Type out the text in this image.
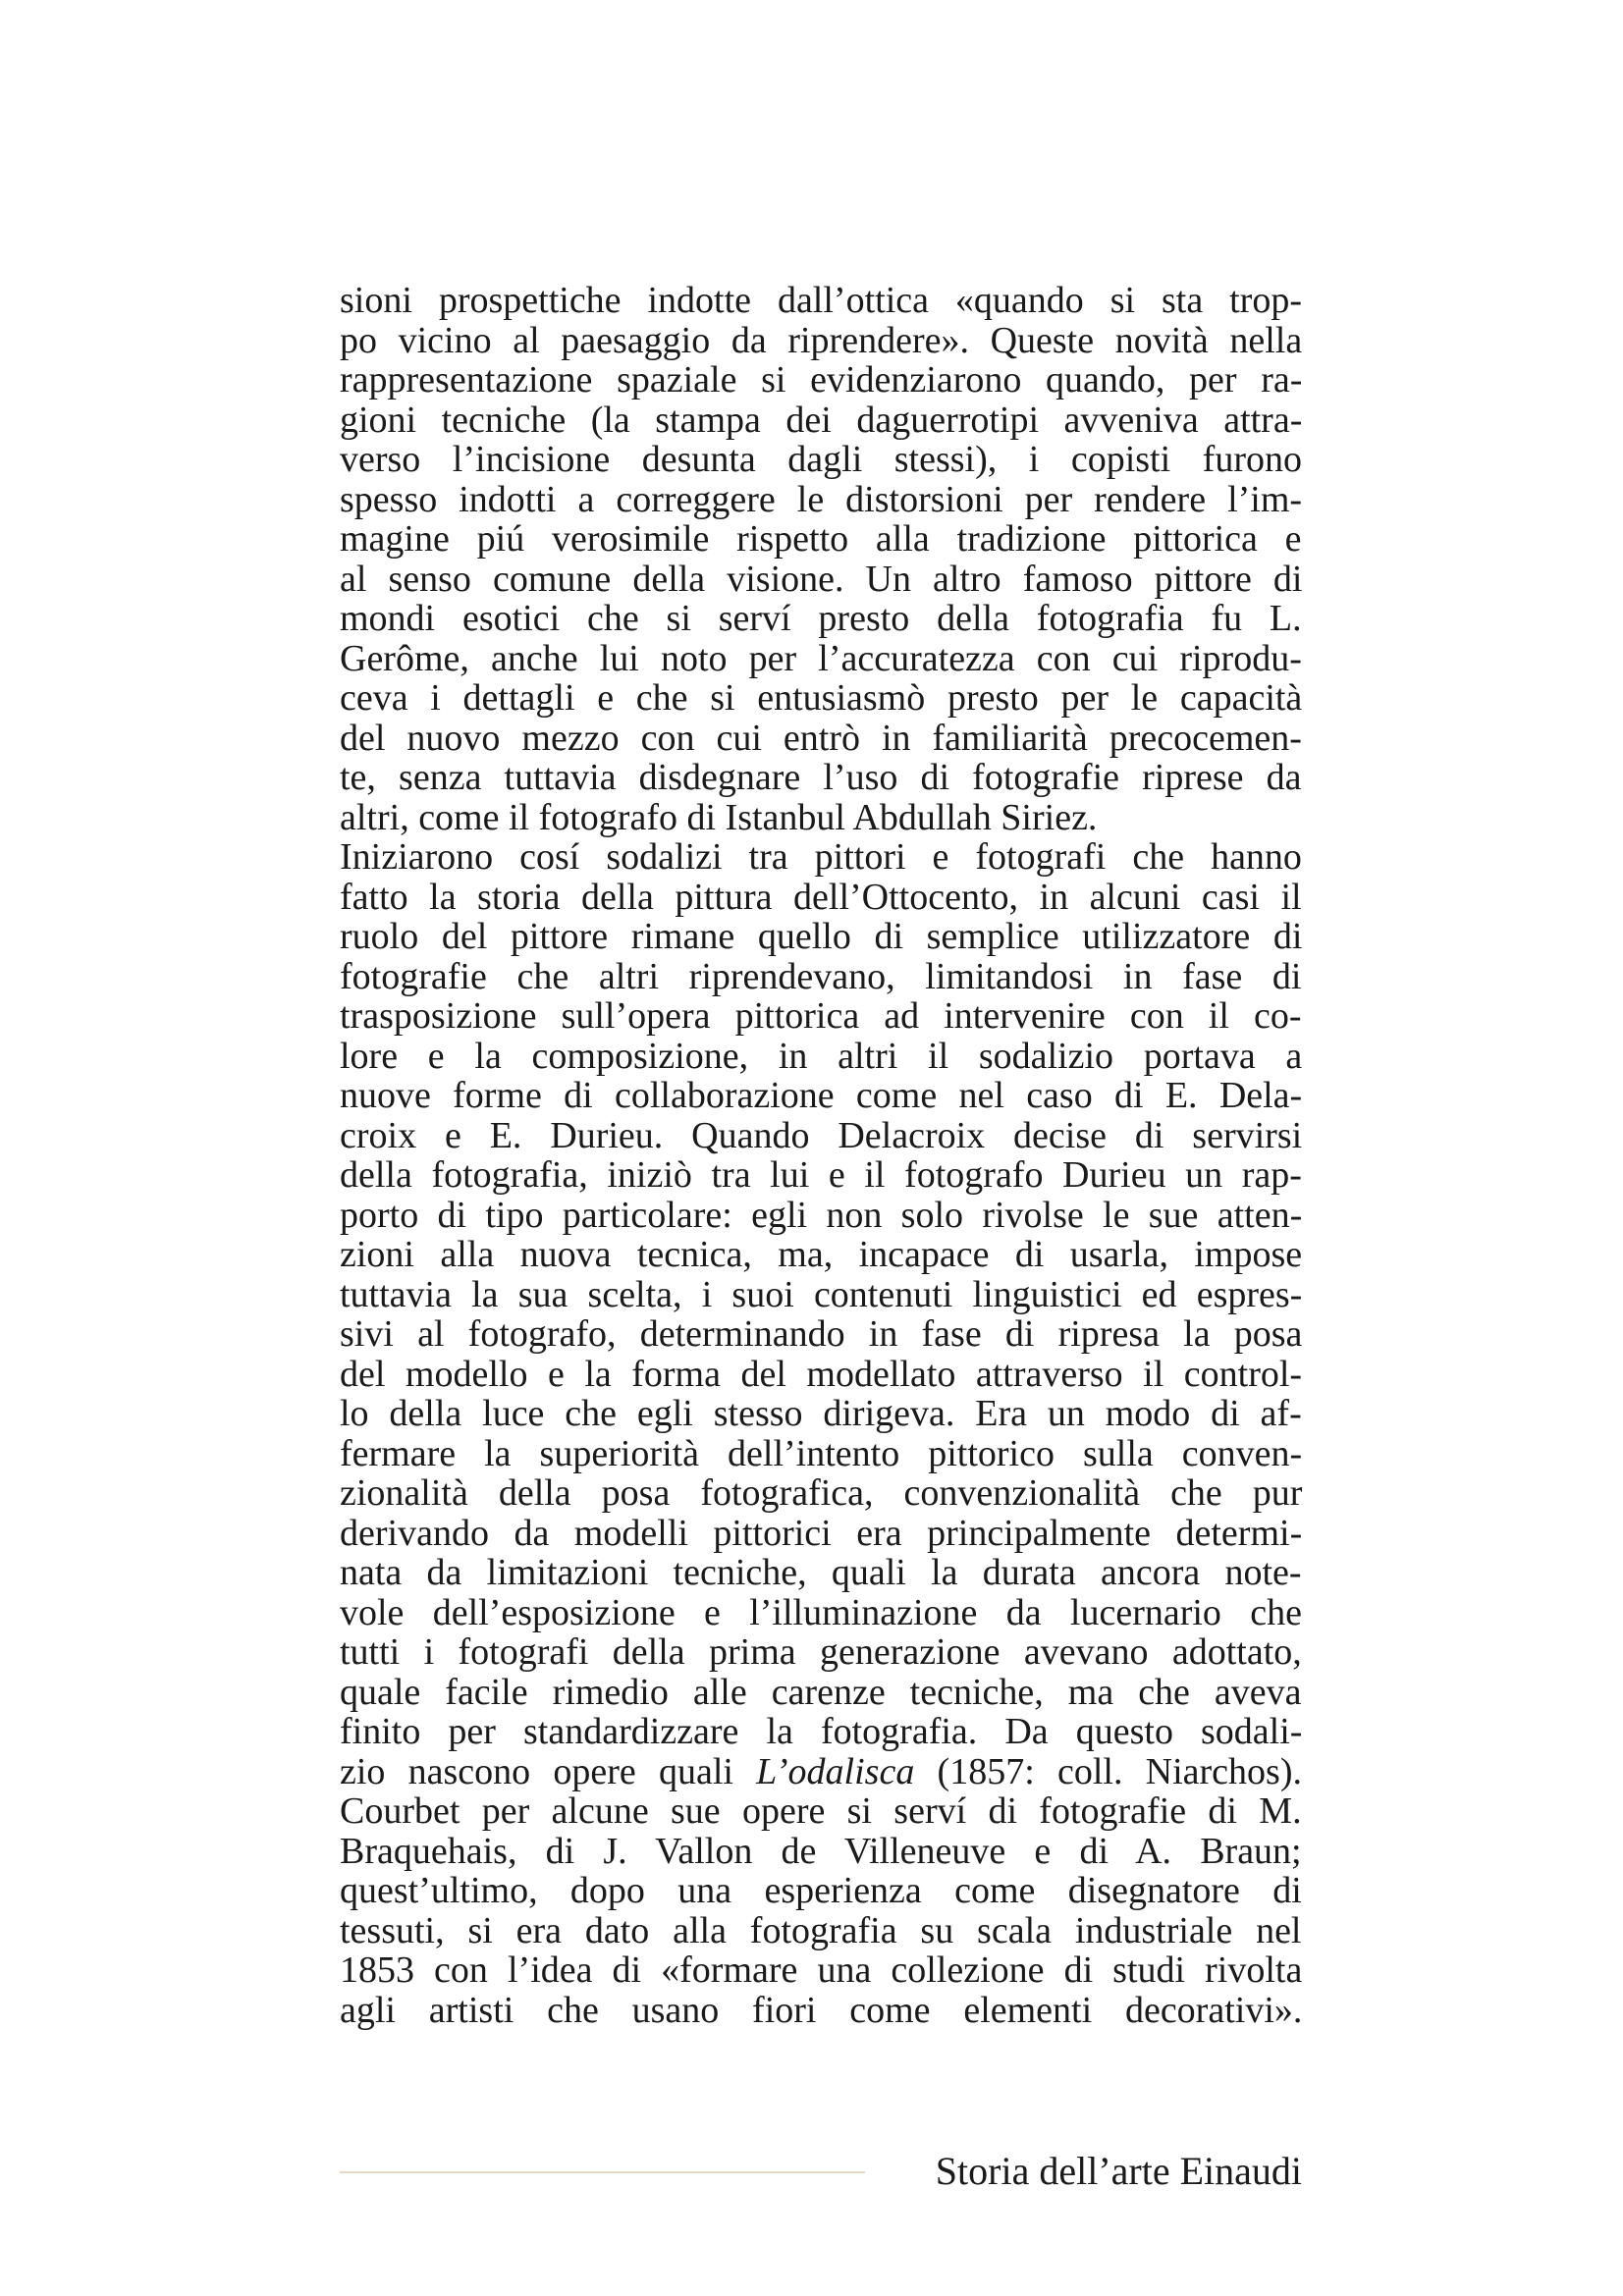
sioni prospettiche indotte dall’ottica «quando si sta trop-
po vicino al paesaggio da riprendere». Queste novità nella
rappresentazione spaziale si evidenziarono quando, per ra-
gioni tecniche (la stampa dei daguerrotipi avveniva attra-
verso l’incisione desunta dagli stessi), i copisti furono
spesso indotti a correggere le distorsioni per rendere l’im-
magine piú verosimile rispetto alla tradizione pittorica e
al senso comune della visione. Un altro famoso pittore di
mondi esotici che si serví presto della fotografia fu L.
Gerôme, anche lui noto per l’accuratezza con cui riprodu-
ceva i dettagli e che si entusiasmò presto per le capacità
del nuovo mezzo con cui entrò in familiarità precocemen-
te, senza tuttavia disdegnare l’uso di fotografie riprese da
altri, come il fotografo di Istanbul Abdullah Siriez.
Iniziarono cosí sodalizi tra pittori e fotografi che hanno
fatto la storia della pittura dell’Ottocento, in alcuni casi il
ruolo del pittore rimane quello di semplice utilizzatore di
fotografie che altri riprendevano, limitandosi in fase di
trasposizione sull’opera pittorica ad intervenire con il co-
lore e la composizione, in altri il sodalizio portava a
nuove forme di collaborazione come nel caso di E. Dela-
croix e E. Durieu. Quando Delacroix decise di servirsi
della fotografia, iniziò tra lui e il fotografo Durieu un rap-
porto di tipo particolare: egli non solo rivolse le sue atten-
zioni alla nuova tecnica, ma, incapace di usarla, impose
tuttavia la sua scelta, i suoi contenuti linguistici ed espres-
sivi al fotografo, determinando in fase di ripresa la posa
del modello e la forma del modellato attraverso il control-
lo della luce che egli stesso dirigeva. Era un modo di af-
fermare la superiorità dell’intento pittorico sulla conven-
zionalità della posa fotografica, convenzionalità che pur
derivando da modelli pittorici era principalmente determi-
nata da limitazioni tecniche, quali la durata ancora note-
vole dell’esposizione e l’illuminazione da lucernario che
tutti i fotografi della prima generazione avevano adottato,
quale facile rimedio alle carenze tecniche, ma che aveva
finito per standardizzare la fotografia. Da questo sodali-
zio nascono opere quali L’odalisca (1857: coll. Niarchos).
Courbet per alcune sue opere si serví di fotografie di M.
Braquehais, di J. Vallon de Villeneuve e di A. Braun;
quest’ultimo, dopo una esperienza come disegnatore di
tessuti, si era dato alla fotografia su scala industriale nel
1853 con l’idea di «formare una collezione di studi rivolta
agli artisti che usano fiori come elementi decorativi».
Storia dell’arte Einaudi
